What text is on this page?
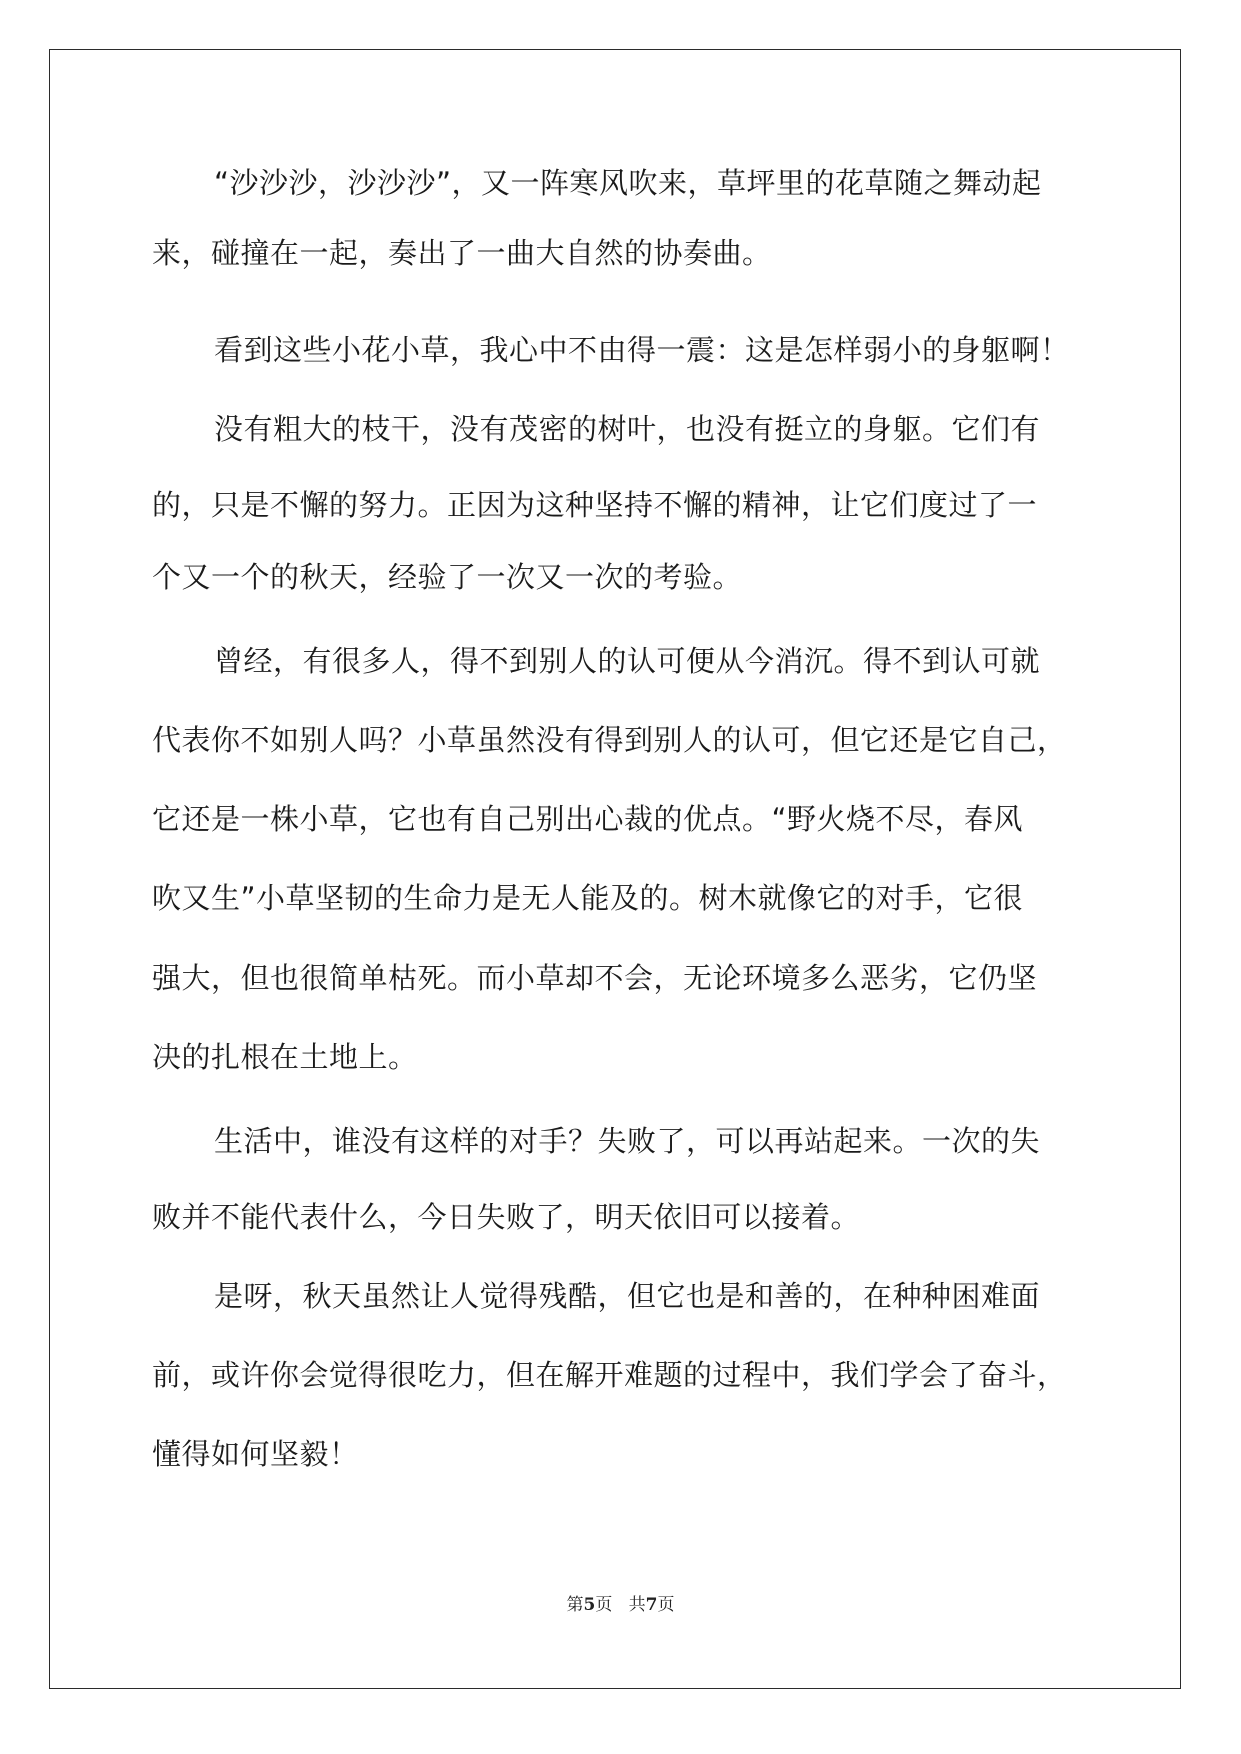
“沙沙沙，沙沙沙”，又一阵寒风吹来，草坪里的花草随之舞动起
来，碰撞在一起，奏出了一曲大自然的协奏曲。
看到这些小花小草，我心中不由得一震：这是怎样弱小的身躯啊！
没有粗大的枝干，没有茂密的树叶，也没有挺立的身躯。它们有
的，只是不懈的努力。正因为这种坚持不懈的精神，让它们度过了一
个又一个的秋天，经验了一次又一次的考验。
曾经，有很多人，得不到别人的认可便从今消沉。得不到认可就
代表你不如别人吗？小草虽然没有得到别人的认可，但它还是它自己，
它还是一株小草，它也有自己别出心裁的优点。“野火烧不尽，春风
吹又生”小草坚韧的生命力是无人能及的。树木就像它的对手，它很
强大，但也很简单枯死。而小草却不会，无论环境多么恶劣，它仍坚
决的扎根在土地上。
生活中，谁没有这样的对手？失败了，可以再站起来。一次的失
败并不能代表什么，今日失败了，明天依旧可以接着。
是呀，秋天虽然让人觉得残酷，但它也是和善的，在种种困难面
前，或许你会觉得很吃力，但在解开难题的过程中，我们学会了奋斗，
懂得如何坚毅！
第5页   共7页
